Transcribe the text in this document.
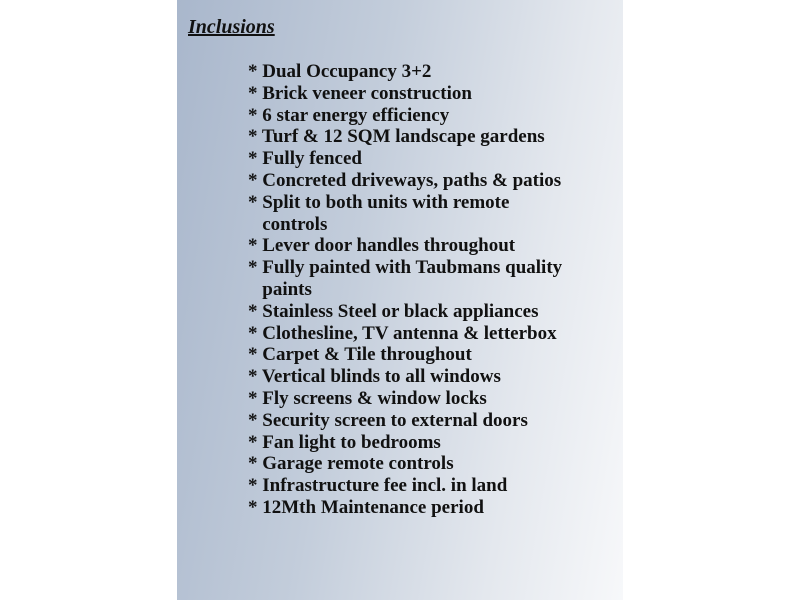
Inclusions
* Dual Occupancy 3+2
* Brick veneer construction
* 6 star energy efficiency
* Turf & 12 SQM landscape gardens
* Fully fenced
* Concreted driveways, paths & patios
* Split to both units with remote
controls
* Lever door handles throughout
* Fully painted with Taubmans quality
paints
* Stainless Steel or black appliances
* Clothesline, TV antenna & letterbox
* Carpet & Tile throughout
* Vertical blinds to all windows
* Fly screens & window locks
* Security screen to external doors
* Fan light to bedrooms
* Garage remote controls
* Infrastructure fee incl. in land
* 12Mth Maintenance period
